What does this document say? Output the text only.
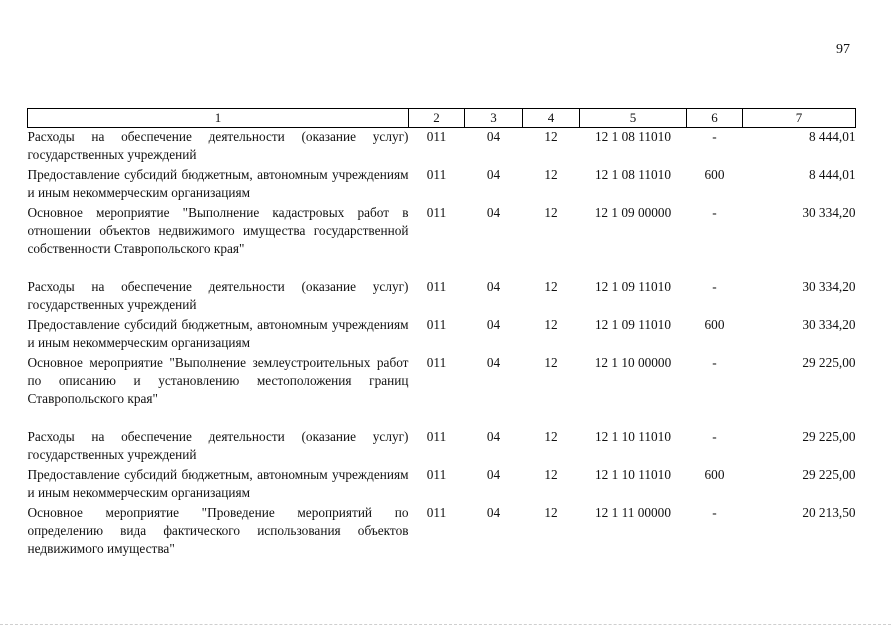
97
1	2	3	4	5	6	7
Расходы на обеспечение деятельности (оказание услуг) государственных учреждений	011	04	12	12 1 08 11010	-	8 444,01
Предоставление субсидий бюджетным, автономным учреждениям и иным некоммерческим организациям	011	04	12	12 1 08 11010	600	8 444,01
Основное мероприятие "Выполнение кадастровых работ в отношении объектов недвижимого имущества государственной собственности Ставропольского края"	011	04	12	12 1 09 00000	-	30 334,20
Расходы на обеспечение деятельности (оказание услуг) государственных учреждений	011	04	12	12 1 09 11010	-	30 334,20
Предоставление субсидий бюджетным, автономным учреждениям и иным некоммерческим организациям	011	04	12	12 1 09 11010	600	30 334,20
Основное мероприятие "Выполнение землеустроительных работ по описанию и установлению местоположения границ Ставропольского края"	011	04	12	12 1 10 00000	-	29 225,00
Расходы на обеспечение деятельности (оказание услуг) государственных учреждений	011	04	12	12 1 10 11010	-	29 225,00
Предоставление субсидий бюджетным, автономным учреждениям и иным некоммерческим организациям	011	04	12	12 1 10 11010	600	29 225,00
Основное мероприятие "Проведение мероприятий по определению вида фактического использования объектов недвижимого имущества"	011	04	12	12 1 11 00000	-	20 213,50
